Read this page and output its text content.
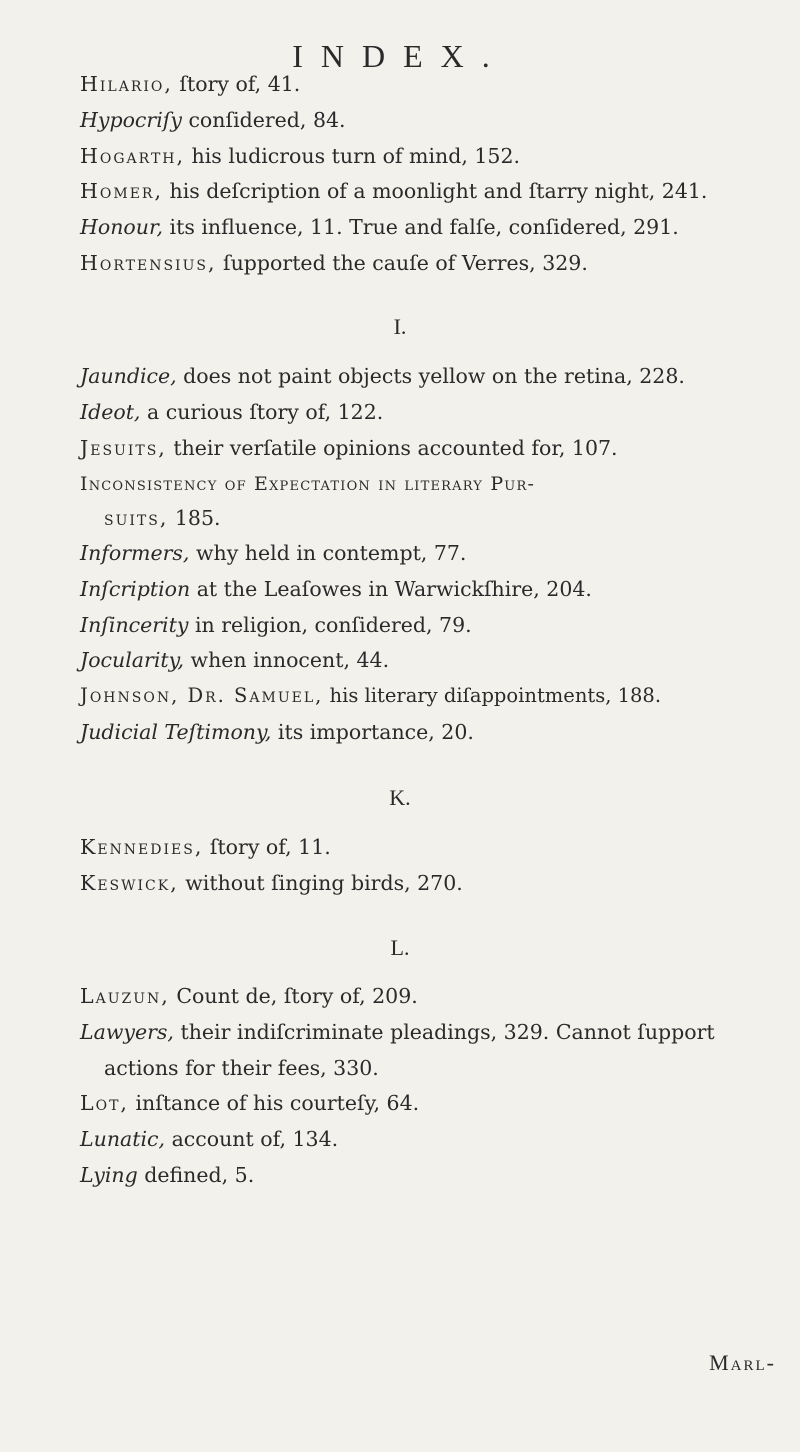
INDEX.
Hilario, ſtory of, 41.
Hypocriſy conſidered, 84.
Hogarth, his ludicrous turn of mind, 152.
Homer, his deſcription of a moonlight and ſtarry night, 241.
Honour, its influence, 11. True and falſe, conſidered, 291.
Hortensius, ſupported the cauſe of Verres, 329.
I.
Jaundice, does not paint objects yellow on the retina, 228.
Ideot, a curious ſtory of, 122.
Jesuits, their verſatile opinions accounted for, 107.
Inconsistency of Expectation in literary Pur-
suits, 185.
Informers, why held in contempt, 77.
Inſcription at the Leaſowes in Warwickſhire, 204.
Inſincerity in religion, conſidered, 79.
Jocularity, when innocent, 44.
Johnson, Dr. Samuel, his literary diſappointments, 188.
Judicial Teſtimony, its importance, 20.
K.
Kennedies, ſtory of, 11.
Keswick, without ſinging birds, 270.
L.
Lauzun, Count de, ſtory of, 209.
Lawyers, their indiſcriminate pleadings, 329. Cannot ſupport
actions for their fees, 330.
Lot, inſtance of his courteſy, 64.
Lunatic, account of, 134.
Lying defined, 5.
Marl-
